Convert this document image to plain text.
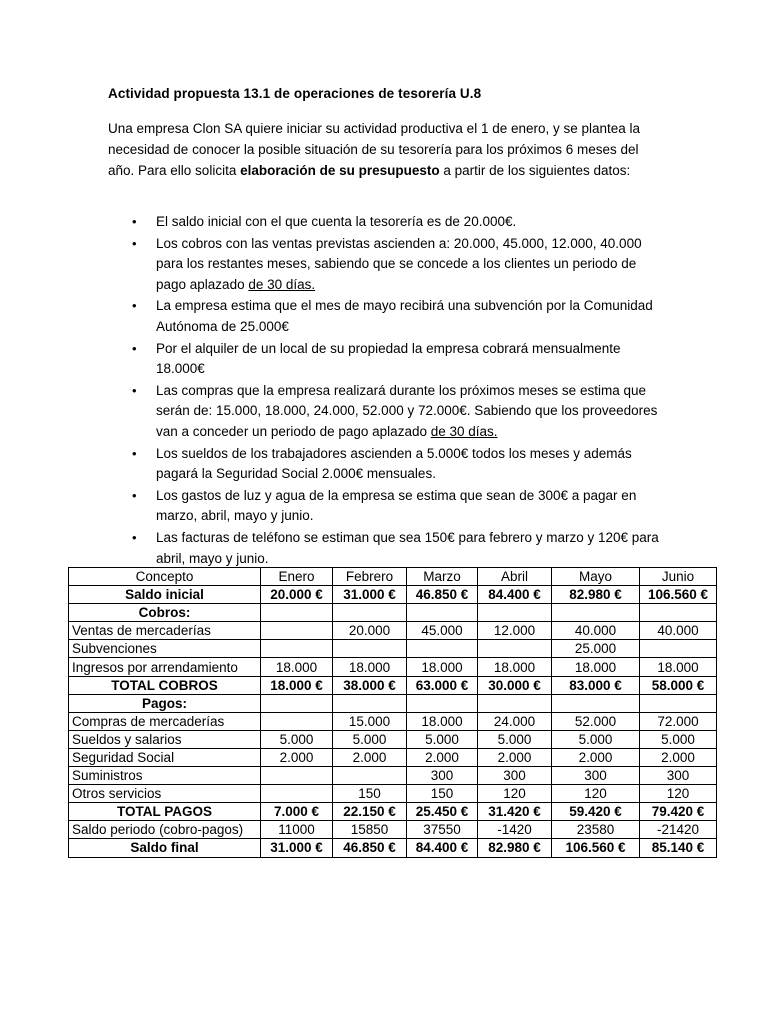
Actividad propuesta 13.1 de operaciones de tesorería U.8
Una empresa Clon SA quiere iniciar su actividad productiva el 1 de enero, y se plantea la necesidad de conocer la posible situación de su tesorería para los próximos 6 meses del año. Para ello solicita elaboración de su presupuesto a partir de los siguientes datos:
• El saldo inicial con el que cuenta la tesorería es de 20.000€.
• Los cobros con las ventas previstas ascienden a: 20.000, 45.000, 12.000, 40.000 para los restantes meses, sabiendo que se concede a los clientes un periodo de pago aplazado de 30 días.
• La empresa estima que el mes de mayo recibirá una subvención por la Comunidad Autónoma de 25.000€
• Por el alquiler de un local de su propiedad la empresa cobrará mensualmente 18.000€
• Las compras que la empresa realizará durante los próximos meses se estima que serán de: 15.000, 18.000, 24.000, 52.000 y 72.000€. Sabiendo que los proveedores van a conceder un periodo de pago aplazado de 30 días.
• Los sueldos de los trabajadores ascienden a 5.000€ todos los meses y además pagará la Seguridad Social 2.000€ mensuales.
• Los gastos de luz y agua de la empresa se estima que sean de 300€ a pagar en marzo, abril, mayo y junio.
• Las facturas de teléfono se estiman que sea 150€ para febrero y marzo y 120€ para abril, mayo y junio.
Concepto	Enero	Febrero	Marzo	Abril	Mayo	Junio
Saldo inicial	20.000 €	31.000 €	46.850 €	84.400 €	82.980 €	106.560 €
Cobros:						
Ventas de mercaderías		20.000	45.000	12.000	40.000	40.000
Subvenciones					25.000	
Ingresos por arrendamiento	18.000	18.000	18.000	18.000	18.000	18.000
TOTAL COBROS	18.000 €	38.000 €	63.000 €	30.000 €	83.000 €	58.000 €
Pagos:						
Compras de mercaderías		15.000	18.000	24.000	52.000	72.000
Sueldos y salarios	5.000	5.000	5.000	5.000	5.000	5.000
Seguridad Social	2.000	2.000	2.000	2.000	2.000	2.000
Suministros			300	300	300	300
Otros servicios		150	150	120	120	120
TOTAL PAGOS	7.000 €	22.150 €	25.450 €	31.420 €	59.420 €	79.420 €
Saldo periodo (cobro-pagos)	11000	15850	37550	-1420	23580	-21420
Saldo final	31.000 €	46.850 €	84.400 €	82.980 €	106.560 €	85.140 €
